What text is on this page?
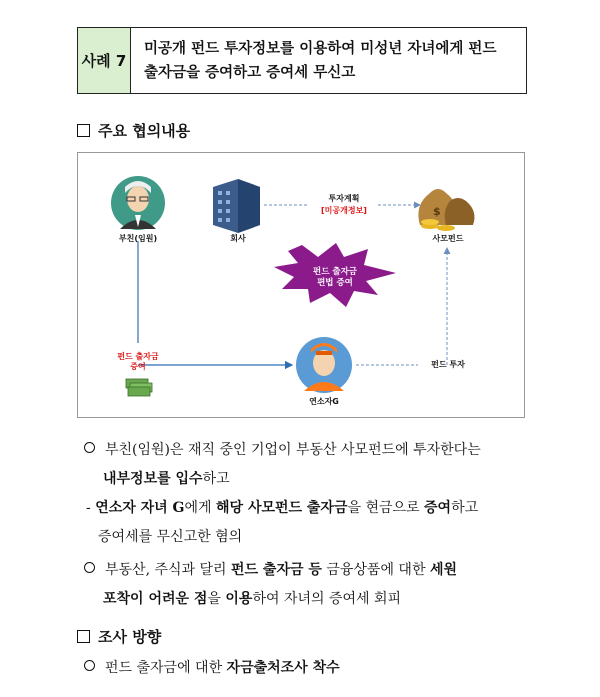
사례 7
미공개 펀드 투자정보를 이용하여 미성년 자녀에게 펀드
출자금을 증여하고 증여세 무신고
주요 협의내용
$
부친(임원)	회사
투자계획
[미공개정보]
사모펀드
펀드 출자금
편법 증여
펀드 출자금
증여	펀드 투자
연소자G
부친(임원)은 재직 중인 기업이 부동산 사모펀드에 투자한다는
내부정보를 입수하고
- 연소자 자녀 G에게 해당 사모펀드 출자금을 현금으로 증여하고
증여세를 무신고한 혐의
부동산, 주식과 달리 펀드 출자금 등 금융상품에 대한 세원
포착이 어려운 점을 이용하여 자녀의 증여세 회피
조사 방향
펀드 출자금에 대한 자금출처조사 착수
